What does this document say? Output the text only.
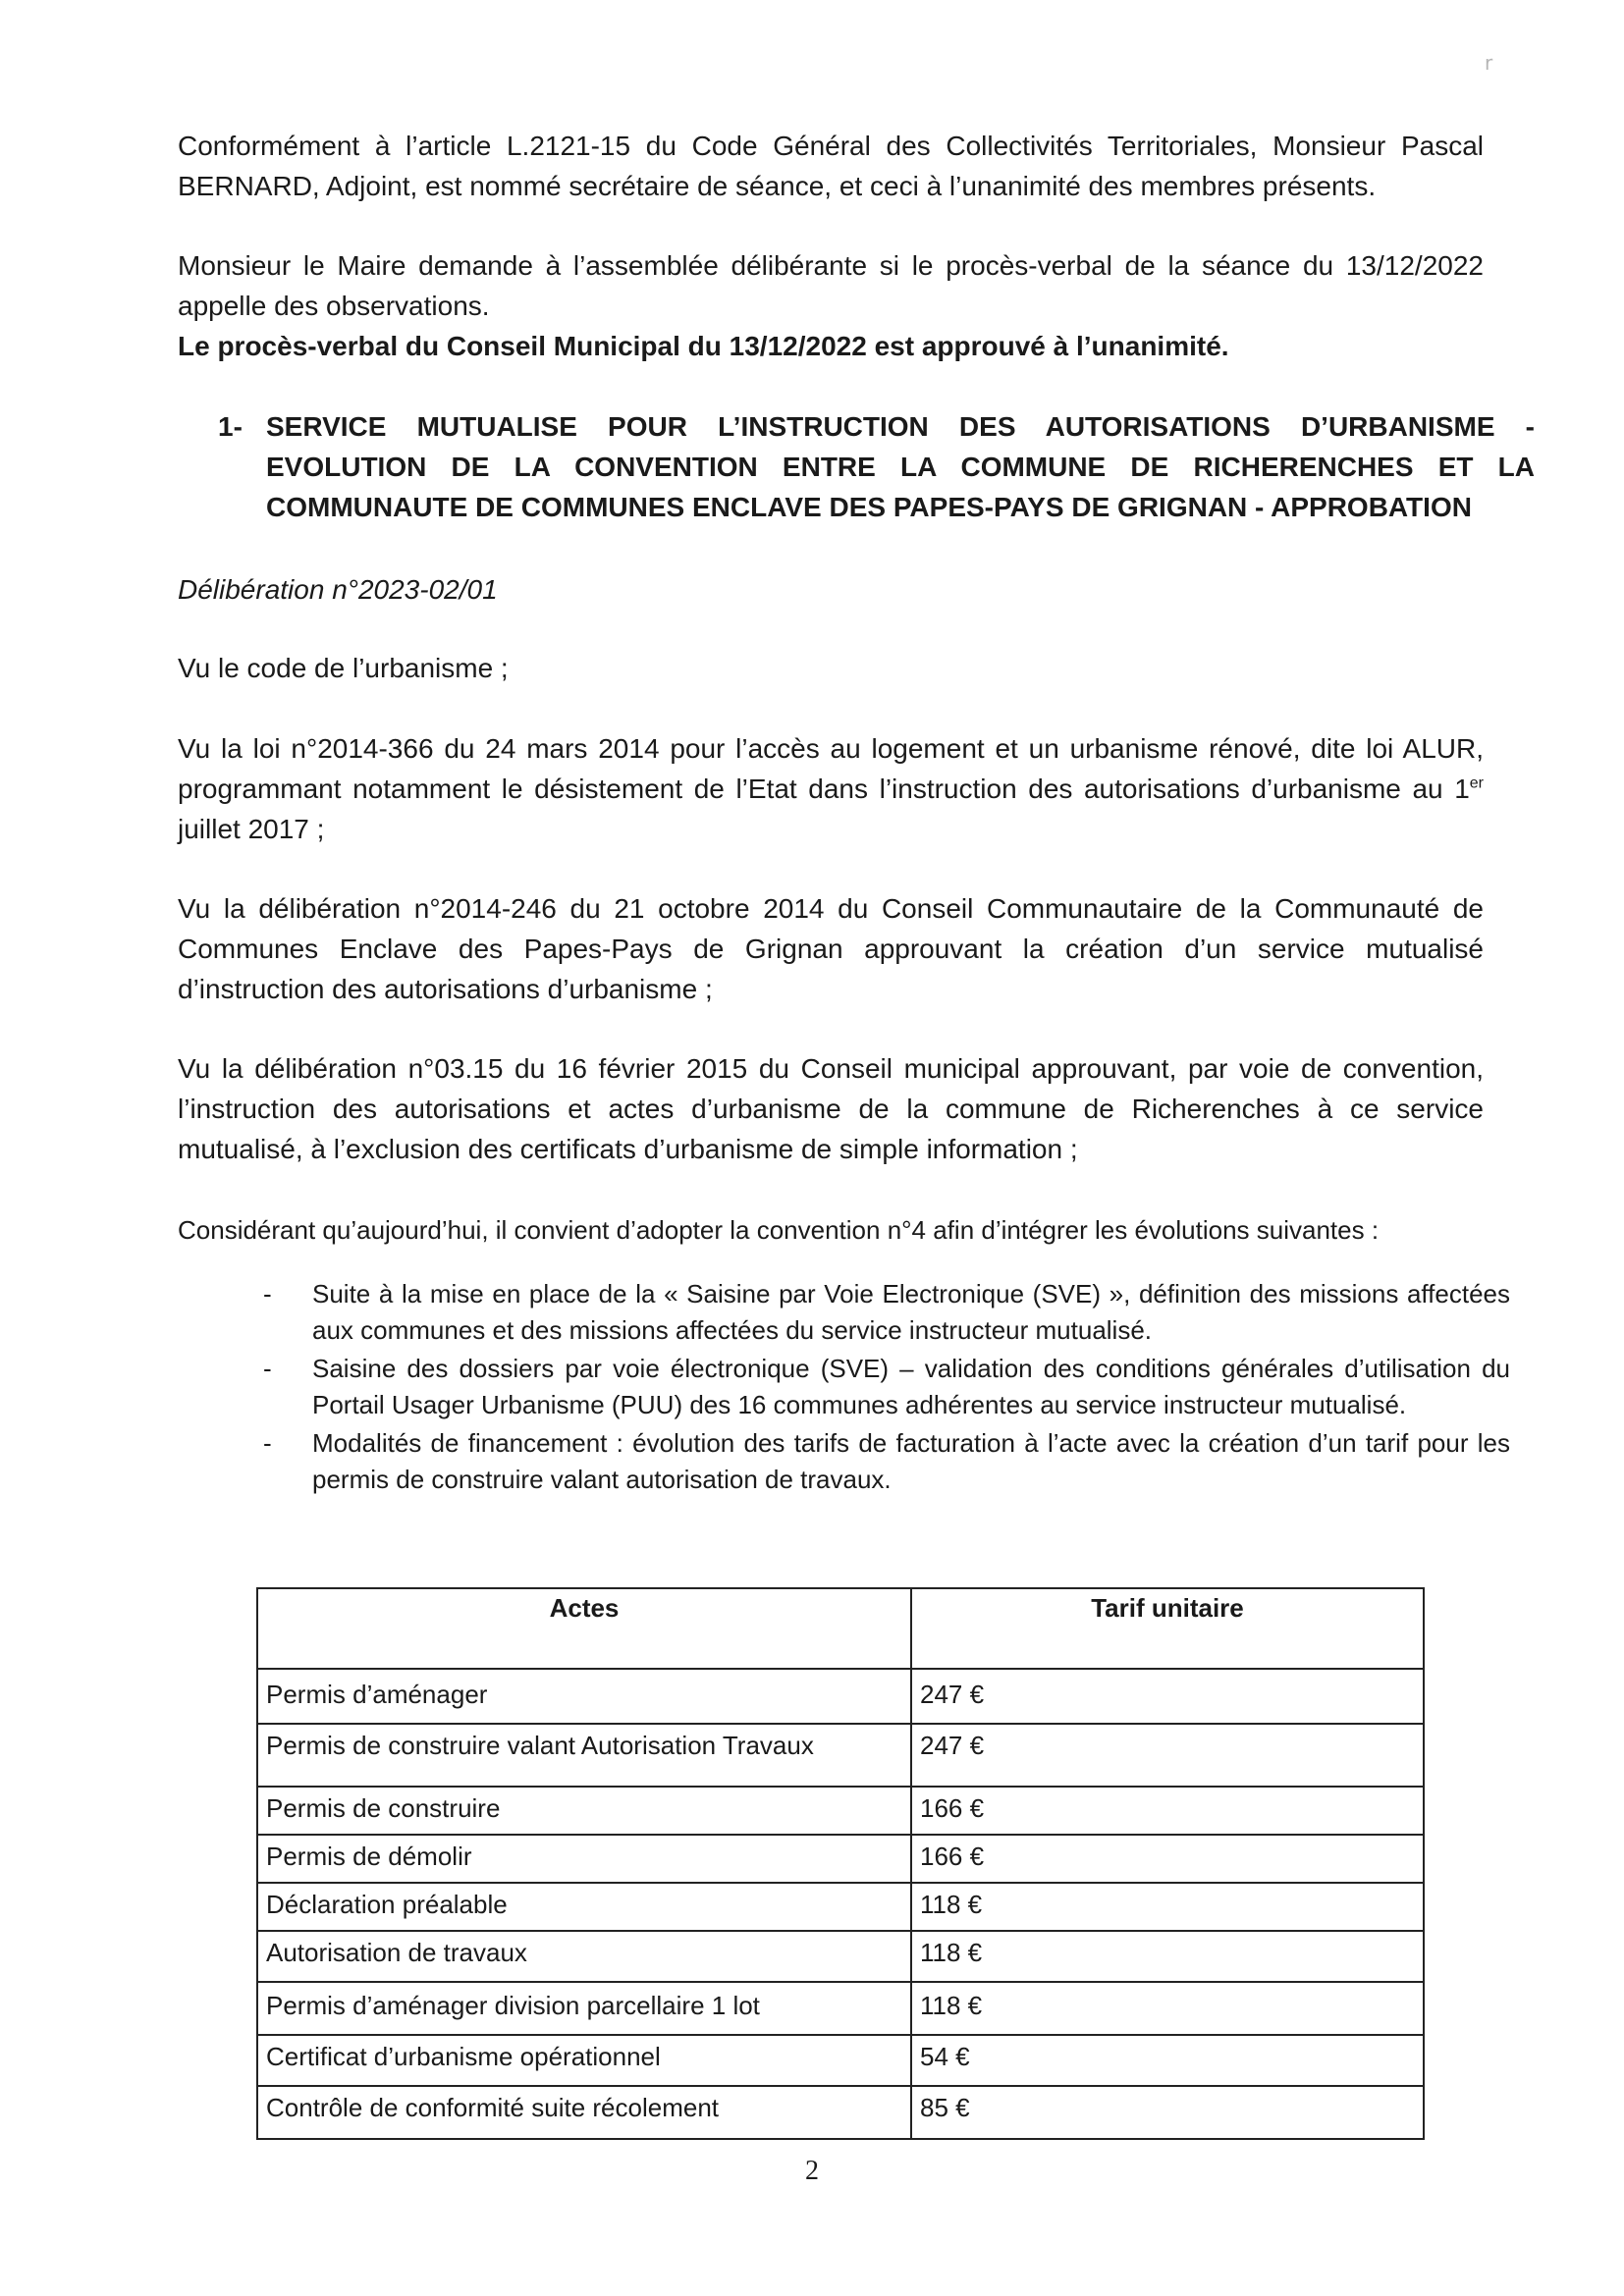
r

Conformément à l’article L.2121-15 du Code Général des Collectivités Territoriales, Monsieur Pascal BERNARD, Adjoint, est nommé secrétaire de séance, et ceci à l’unanimité des membres présents.

Monsieur le Maire demande à l’assemblée délibérante si le procès-verbal de la séance du 13/12/2022 appelle des observations.
Le procès-verbal du Conseil Municipal du 13/12/2022 est approuvé à l’unanimité.
1- SERVICE MUTUALISE POUR L’INSTRUCTION DES AUTORISATIONS D’URBANISME - EVOLUTION DE LA CONVENTION ENTRE LA COMMUNE DE RICHERENCHES ET LA COMMUNAUTE DE COMMUNES ENCLAVE DES PAPES-PAYS DE GRIGNAN - APPROBATION

Délibération n°2023-02/01

Vu le code de l’urbanisme ;

Vu la loi n°2014-366 du 24 mars 2014 pour l’accès au logement et un urbanisme rénové, dite loi ALUR, programmant notamment le désistement de l’Etat dans l’instruction des autorisations d’urbanisme au 1er juillet 2017 ;

Vu la délibération n°2014-246 du 21 octobre 2014 du Conseil Communautaire de la Communauté de Communes Enclave des Papes-Pays de Grignan approuvant la création d’un service mutualisé d’instruction des autorisations d’urbanisme ;

Vu la délibération n°03.15 du 16 février 2015 du Conseil municipal approuvant, par voie de convention, l’instruction des autorisations et actes d’urbanisme de la commune de Richerenches à ce service mutualisé, à l’exclusion des certificats d’urbanisme de simple information ;

Considérant qu’aujourd’hui, il convient d’adopter la convention n°4 afin d’intégrer les évolutions suivantes :

- Suite à la mise en place de la « Saisine par Voie Electronique (SVE) », définition des missions affectées aux communes et des missions affectées du service instructeur mutualisé.
- Saisine des dossiers par voie électronique (SVE) – validation des conditions générales d’utilisation du Portail Usager Urbanisme (PUU) des 16 communes adhérentes au service instructeur mutualisé.
- Modalités de financement : évolution des tarifs de facturation à l’acte avec la création d’un tarif pour les permis de construire valant autorisation de travaux.
Actes	Tarif unitaire
Permis d’aménager	247 €
Permis de construire valant Autorisation Travaux	247 €
Permis de construire	166 €
Permis de démolir	166 €
Déclaration préalable	118 €
Autorisation de travaux	118 €
Permis d’aménager division parcellaire 1 lot	118 €
Certificat d’urbanisme opérationnel	54 €
Contrôle de conformité suite récolement	85 €
2
